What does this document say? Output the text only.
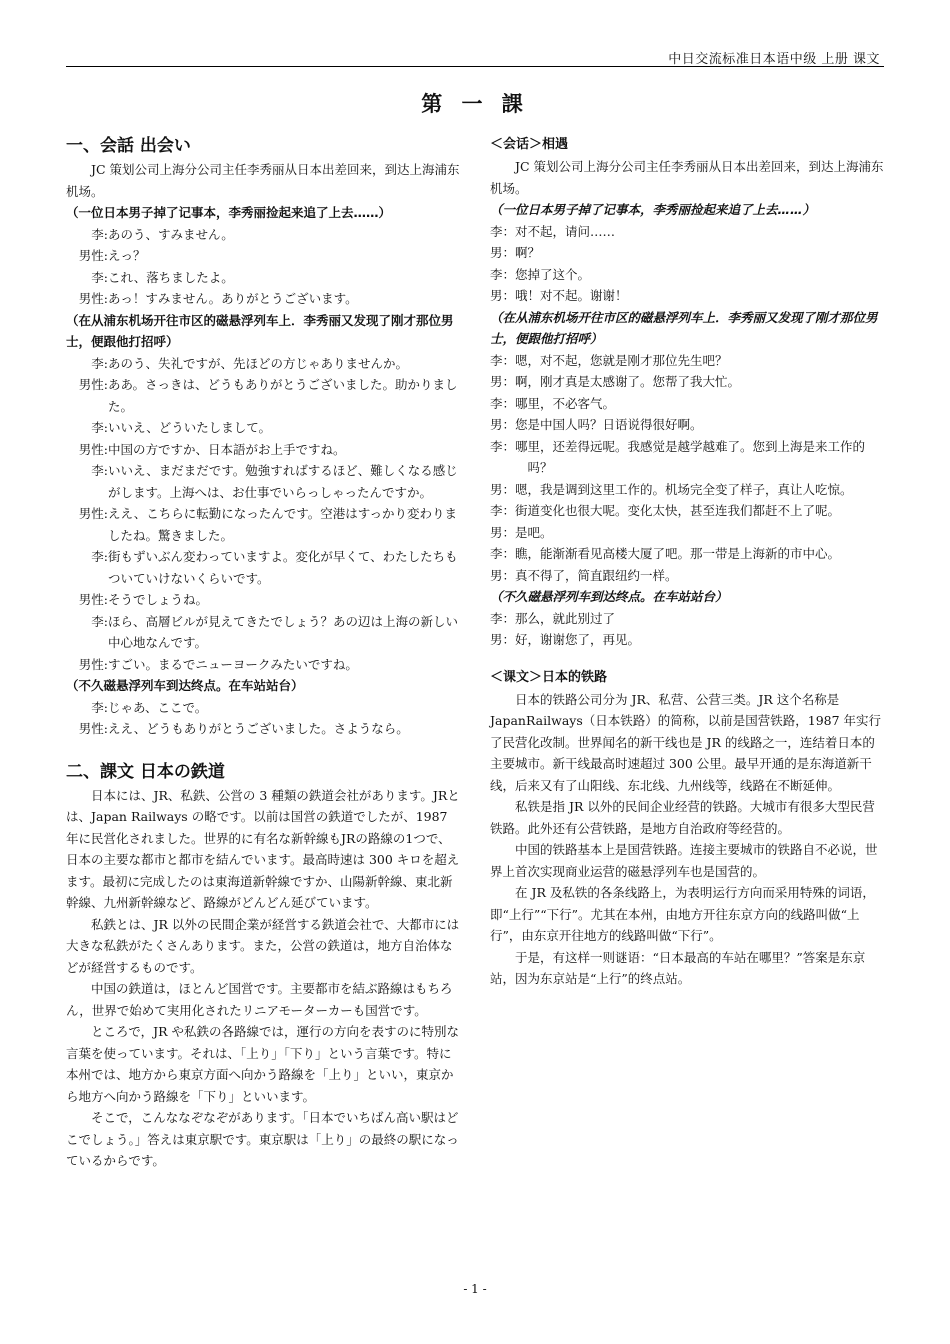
中日交流标准日本语中级 上册 课文
第 一 課
一、会話 出会い

JC 策划公司上海分公司主任李秀丽从日本出差回来，到达上海浦东机场。

（一位日本男子掉了记事本，李秀丽捡起来追了上去……）

李: あのう、すみません。
男性: えっ？
李: これ、落ちましたよ。
男性: あっ！すみません。ありがとうございます。

（在从浦东机场开往市区的磁悬浮列车上．李秀丽又发现了刚才那位男士，便跟他打招呼）

李: あのう、失礼ですが、先ほどの方じゃありませんか。
男性: ああ。さっきは、どうもありがとうございました。助かりました。
李: いいえ、どういたしまして。
男性: 中国の方ですか、日本語がお上手ですね。
李: いいえ、まだまだです。勉強すればするほど、難しくなる感じがします。上海へは、お仕事でいらっしゃったんですか。
男性: ええ、こちらに転勤になったんです。空港はすっかり変わりましたね。驚きました。
李: 街もずいぶん変わっていますよ。変化が早くて、わたしたちもついていけないくらいです。
男性: そうでしょうね。
李: ほら、高層ビルが見えてきたでしょう？あの辺は上海の新しい中心地なんです。
男性: すごい。まるでニューヨークみたいですね。

（不久磁悬浮列车到达终点。在车站站台）

李: じゃあ、ここで。
男性: ええ、どうもありがとうございました。さようなら。
二、課文 日本の鉄道

日本には、JR、私鉄、公営の 3 種類の鉄道会社があります。JRとは、Japan Railways の略です。以前は国営の鉄道でしたが、1987 年に民営化されました。世界的に有名な新幹線もJRの路線の1つで、日本の主要な都市と都市を結んでいます。最高時速は 300 キロを超えます。最初に完成したのは東海道新幹線ですか、山陽新幹線、東北新幹線、九州新幹線など、路線がどんどん延びています。

私鉄とは、JR 以外の民間企業が経営する鉄道会社で、大都市には大きな私鉄がたくさんあります。また，公営の鉄道は，地方自治体などが経営するものです。

中国の鉄道は，ほとんど国営です。主要都市を結ぶ路線はもちろん，世界で始めて実用化されたリニアモーターカーも国営です。

ところで，JR や私鉄の各路線では，運行の方向を表すのに特別な言葉を使っています。それは、「上り」「下り」という言葉です。特に本州では、地方から東京方面へ向かう路線を「上り」といい，東京から地方へ向かう路線を「下り」といいます。

そこで，こんななぞなぞがあります。「日本でいちばん高い駅はどこでしょう。」答えは東京駅です。東京駅は「上り」の最終の駅になっているからです。

＜会话＞相遇

JC 策划公司上海分公司主任李秀丽从日本出差回来，到达上海浦东机场。

（一位日本男子掉了记事本，李秀丽捡起来追了上去……）

李：对不起，请问……
男：啊？
李：您掉了这个。
男：哦！对不起。谢谢！

（在从浦东机场开往市区的磁悬浮列车上．李秀丽又发现了刚才那位男士，便跟他打招呼）

李：嗯，对不起，您就是刚才那位先生吧？
男：啊，刚才真是太感谢了。您帮了我大忙。
李：哪里，不必客气。
男：您是中国人吗？日语说得很好啊。
李：哪里，还差得远呢。我感觉是越学越难了。您到上海是来工作的吗？
男：嗯，我是调到这里工作的。机场完全变了样子，真让人吃惊。
李：街道变化也很大呢。变化太快，甚至连我们都赶不上了呢。
男：是吧。
李：瞧，能渐渐看见高楼大厦了吧。那一带是上海新的市中心。
男：真不得了，简直跟纽约一样。

（不久磁悬浮列车到达终点。在车站站台）

李：那么，就此别过了
男：好，谢谢您了，再见。
＜课文＞日本的铁路

日本的铁路公司分为 JR、私营、公营三类。JR 这个名称是 JapanRailways（日本铁路）的简称，以前是国营铁路，1987 年实行了民营化改制。世界闻名的新干线也是 JR 的线路之一，连结着日本的主要城市。新干线最高时速超过 300 公里。最早开通的是东海道新干线，后来又有了山阳线、东北线、九州线等，线路在不断延伸。

私铁是指 JR 以外的民间企业经营的铁路。大城市有很多大型民营铁路。此外还有公营铁路，是地方自治政府等经营的。

中国的铁路基本上是国营铁路。连接主要城市的铁路自不必说，世界上首次实现商业运营的磁悬浮列车也是国营的。

在 JR 及私铁的各条线路上，为表明运行方向而采用特殊的词语，即“上行”“下行”。尤其在本州，由地方开往东京方向的线路叫做“上行”，由东京开往地方的线路叫做“下行”。

于是，有这样一则谜语：“日本最高的车站在哪里？”答案是东京站，因为东京站是“上行”的终点站。

- 1 -
